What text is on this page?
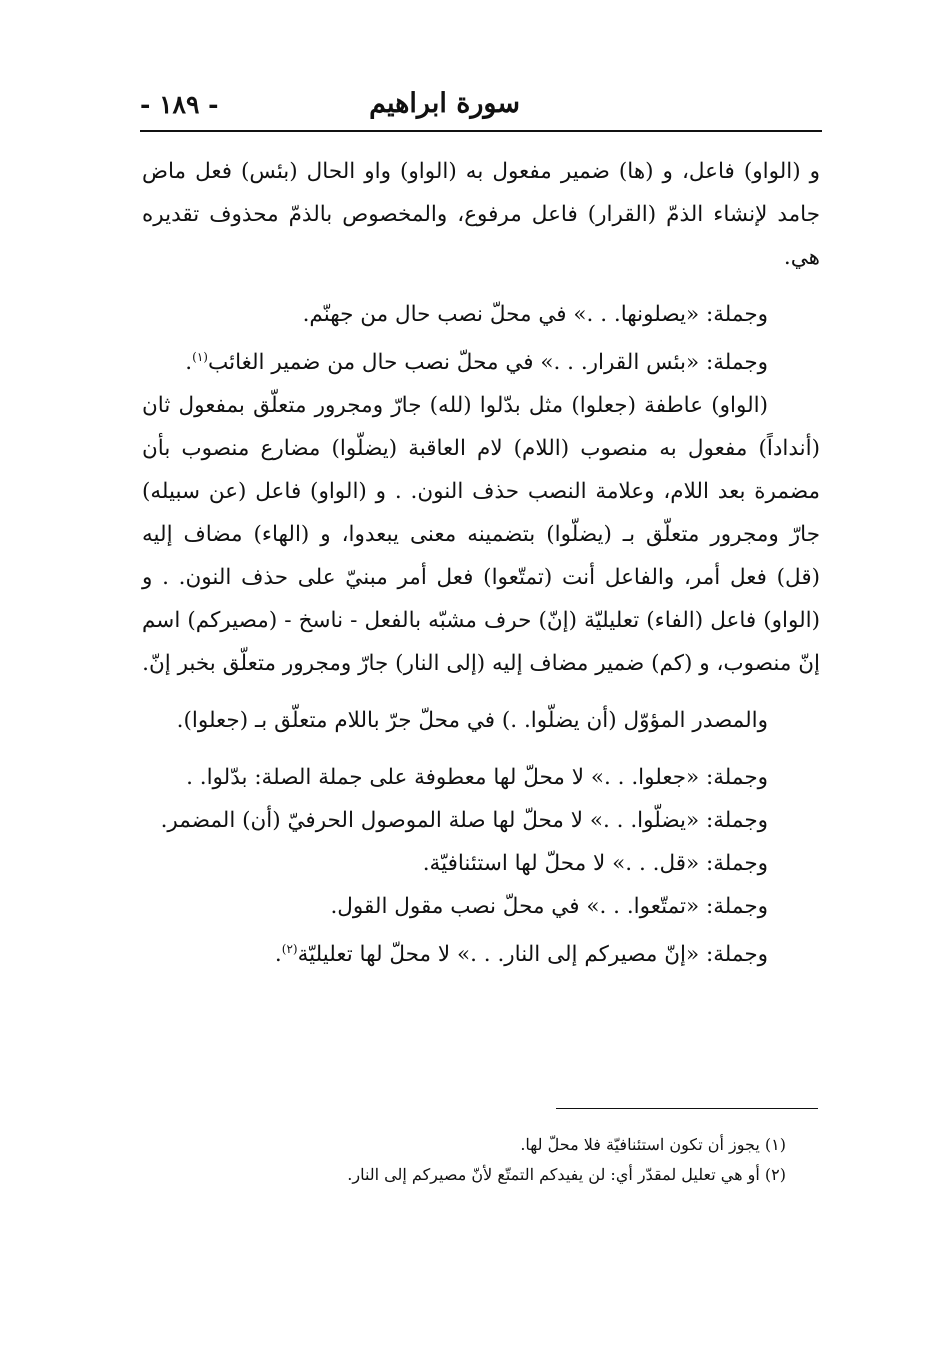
سورة ابراهيم
- ١٨٩ -

و (الواو) فاعل، و (ها) ضمير مفعول به (الواو) واو الحال (بئس) فعل ماض جامد لإنشاء الذمّ (القرار) فاعل مرفوع، والمخصوص بالذمّ محذوف تقديره هي.

وجملة: «يصلونها. . .» في محلّ نصب حال من جهنّم.

وجملة: «بئس القرار. . .» في محلّ نصب حال من ضمير الغائب$^{(١)}$.

(الواو) عاطفة (جعلوا) مثل بدّلوا (لله) جارّ ومجرور متعلّق بمفعول ثان (أنداداً) مفعول به منصوب (اللام) لام العاقبة (يضلّوا) مضارع منصوب بأن مضمرة بعد اللام، وعلامة النصب حذف النون. . و (الواو) فاعل (عن سبيله) جارّ ومجرور متعلّق بـ (يضلّوا) بتضمينه معنى يبعدوا، و (الهاء) مضاف إليه (قل) فعل أمر، والفاعل أنت (تمتّعوا) فعل أمر مبنيّ على حذف النون. . و (الواو) فاعل (الفاء) تعليليّة (إنّ) حرف مشبّه بالفعل - ناسخ - (مصيركم) اسم إنّ منصوب، و (كم) ضمير مضاف إليه (إلى النار) جارّ ومجرور متعلّق بخبر إنّ.

والمصدر المؤوّل (أن يضلّوا. .) في محلّ جرّ باللام متعلّق بـ (جعلوا).

وجملة: «جعلوا. . .» لا محلّ لها معطوفة على جملة الصلة: بدّلوا. .

وجملة: «يضلّوا. . .» لا محلّ لها صلة الموصول الحرفيّ (أن) المضمر.

وجملة: «قل. . .» لا محلّ لها استئنافيّة.

وجملة: «تمتّعوا. . .» في محلّ نصب مقول القول.

وجملة: «إنّ مصيركم إلى النار. . .» لا محلّ لها تعليليّة$^{(٢)}$.

(١) يجوز أن تكون استئنافيّة فلا محلّ لها.

(٢) أو هي تعليل لمقدّر أي: لن يفيدكم التمتّع لأنّ مصيركم إلى النار.
